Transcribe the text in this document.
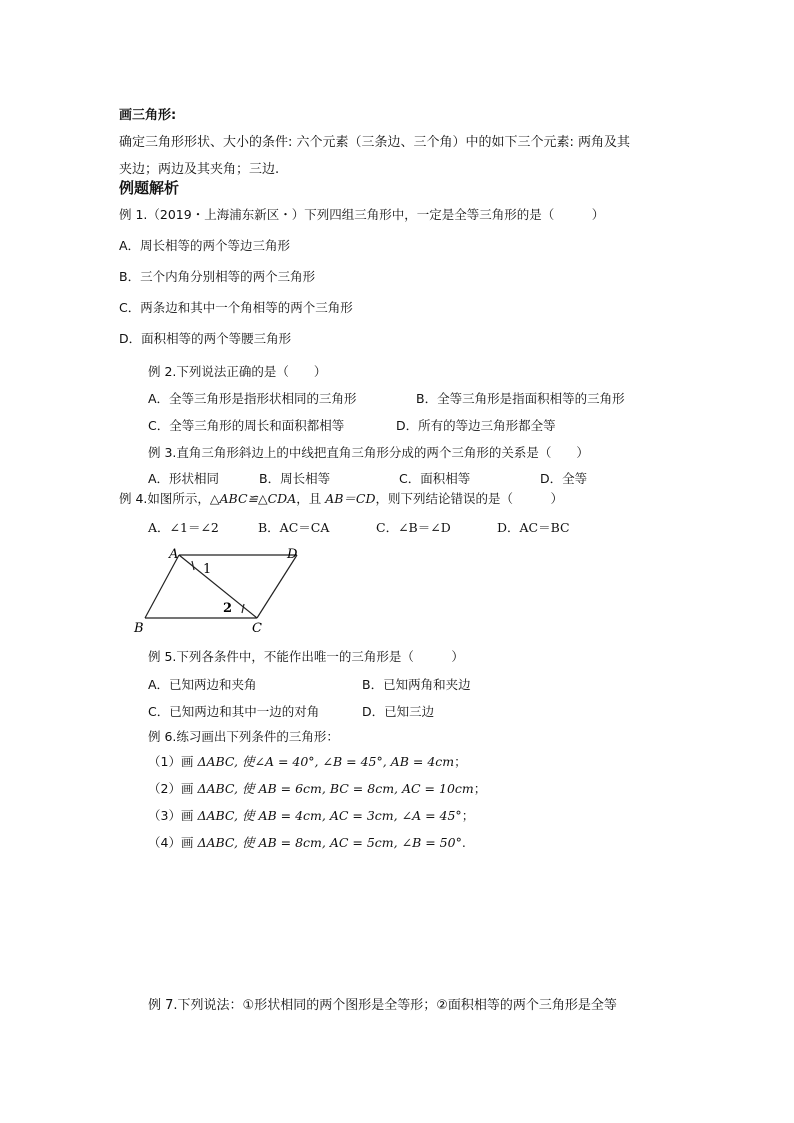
画三角形:
确定三角形形状、大小的条件: 六个元素（三条边、三个角）中的如下三个元素: 两角及其
夹边；两边及其夹角；三边.
例题解析
例 1.（2019・上海浦东新区・）下列四组三角形中，一定是全等三角形的是（　　　）
A．周长相等的两个等边三角形
B．三个内角分别相等的两个三角形
C．两条边和其中一个角相等的两个三角形
D．面积相等的两个等腰三角形
例 2.下列说法正确的是（　　）
A．全等三角形是指形状相同的三角形	B．全等三角形是指面积相等的三角形
C．全等三角形的周长和面积都相等	D．所有的等边三角形都全等
例 3.直角三角形斜边上的中线把直角三角形分成的两个三角形的关系是（　　）
A．形状相同	B．周长相等	C．面积相等	D．全等
例 4.如图所示，△ABC≌△CDA，且 AB＝CD，则下列结论错误的是（　　　）
A．∠1＝∠2	B．AC＝CA	C．∠B＝∠D	D．AC＝BC
A	D
B	C
1
2
例 5.下列各条件中，不能作出唯一的三角形是（　　　）
A．已知两边和夹角	B．已知两角和夹边
C．已知两边和其中一边的对角	D．已知三边
例 6.练习画出下列条件的三角形：
（1）画 ΔABC, 使∠A = 40°, ∠B = 45°, AB = 4cm；
（2）画 ΔABC, 使 AB = 6cm, BC = 8cm, AC = 10cm；
（3）画 ΔABC, 使 AB = 4cm, AC = 3cm, ∠A = 45°；
（4）画 ΔABC, 使 AB = 8cm, AC = 5cm, ∠B = 50°.
例 7.下列说法：①形状相同的两个图形是全等形；②面积相等的两个三角形是全等
